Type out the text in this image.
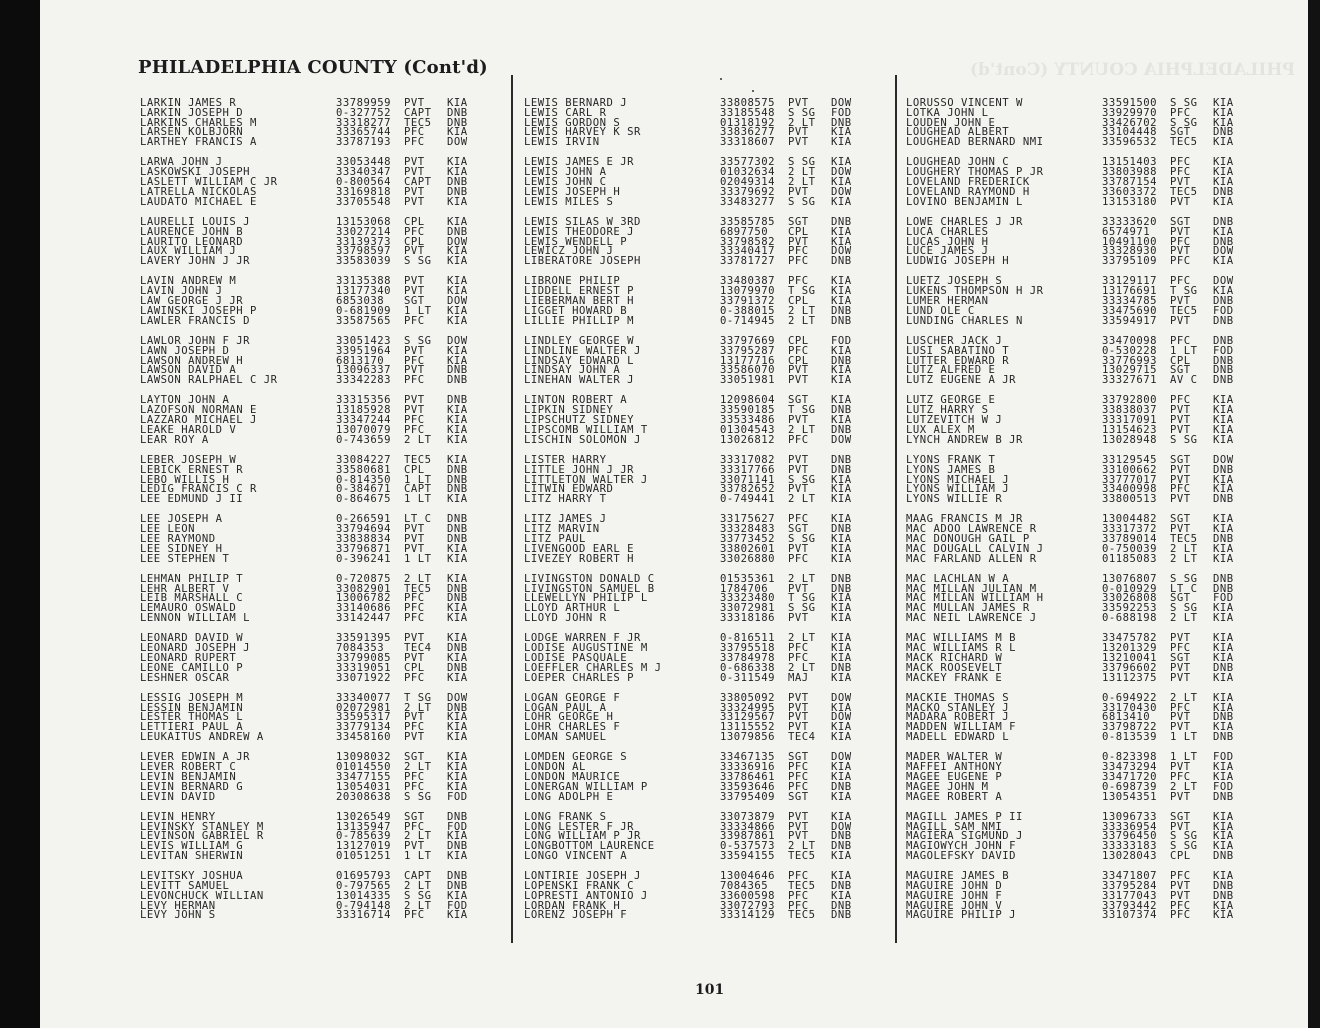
PHILADELPHIA COUNTY (Cont'd)
PHILADELPHIA COUNTY (Cont'd)
LARKIN JAMES R	33789959 PVT KIA
LARKIN JOSEPH D	0-327752 CAPT DNB
LARKINS CHARLES M	33318277 TEC5 DNB
LARSEN KOLBJORN	33365744 PFC KIA
LARTHEY FRANCIS A	33787193 PFC DOW
LARWA JOHN J	33053448 PVT KIA
LASKOWSKI JOSEPH	33340347 PVT KIA
LASLETT WILLIAM C JR	0-800564 CAPT DNB
LATRELLA NICKOLAS	33169818 PVT DNB
LAUDATO MICHAEL E	33705548 PVT KIA
LAURELLI LOUIS J	13153068 CPL KIA
LAURENCE JOHN B	33027214 PFC DNB
LAURITO LEONARD	33139373 CPL DOW
LAUX WILLIAM J	33798597 PVT KIA
LAVERY JOHN J JR	33583039 S SG KIA
LAVIN ANDREW M	33135388 PVT KIA
LAVIN JOHN J	13177340 PVT KIA
LAW GEORGE J JR	6853038 SGT DOW
LAWINSKI JOSEPH P	0-681909 1 LT KIA
LAWLER FRANCIS D	33587565 PFC KIA
LAWLOR JOHN F JR	33051423 S SG DOW
LAWN JOSEPH D	33951964 PVT KIA
LAWSON ANDREW H	6813170 PFC KIA
LAWSON DAVID A	13096337 PVT DNB
LAWSON RALPHAEL C JR	33342283 PFC DNB
LAYTON JOHN A	33315356 PVT DNB
LAZOFSON NORMAN E	13185928 PVT KIA
LAZZARO MICHAEL J	33347244 PFC KIA
LEAKE HAROLD V	13070079 PFC KIA
LEAR ROY A	0-743659 2 LT KIA
LEBER JOSEPH W	33084227 TEC5 KIA
LEBICK ERNEST R	33580681 CPL DNB
LEBO WILLIS H	0-814350 1 LT DNB
LEDIG FRANCIS C R	0-384671 CAPT DNB
LEE EDMUND J II	0-864675 1 LT KIA
LEE JOSEPH A	0-266591 LT C DNB
LEE LEON	33794694 PVT DNB
LEE RAYMOND	33838834 PVT DNB
LEE SIDNEY H	33796871 PVT KIA
LEE STEPHEN T	0-396241 1 LT KIA
LEHMAN PHILIP T	0-720875 2 LT KIA
LEHR ALBERT V	33082901 TEC5 DNB
LEIB MARSHALL C	13006782 PFC DNB
LEMAURO OSWALD	33140686 PFC KIA
LENNON WILLIAM L	33142447 PFC KIA
LEONARD DAVID W	33591395 PVT KIA
LEONARD JOSEPH J	7084353 TEC4 DNB
LEONARD RUPERT	33799085 PVT KIA
LEONE CAMILLO P	33319051 CPL DNB
LESHNER OSCAR	33071922 PFC KIA
LESSIG JOSEPH M	33340077 T SG DOW
LESSIN BENJAMIN	02072981 2 LT DNB
LESTER THOMAS L	33595317 PVT KIA
LETTIERI PAUL A	33779134 PFC KIA
LEUKAITUS ANDREW A	33458160 PVT KIA
LEVER EDWIN A JR	13098032 SGT KIA
LEVER ROBERT C	01014550 2 LT KIA
LEVIN BENJAMIN	33477155 PFC KIA
LEVIN BERNARD G	13054031 PFC KIA
LEVIN DAVID	20308638 S SG FOD
LEVIN HENRY	13026549 SGT DNB
LEVINSKY STANLEY M	13135947 PFC FOD
LEVINSON GABRIEL R	0-785639 2 LT KIA
LEVIS WILLIAM G	13127019 PVT DNB
LEVITAN SHERWIN	01051251 1 LT KIA
LEVITSKY JOSHUA	01695793 CAPT DNB
LEVITT SAMUEL	0-797565 2 LT DNB
LEVONCHUCK WILLIAN	13014335 S SG KIA
LEVY HERMAN	0-794148 2 LT FOD
LEVY JOHN S	33316714 PFC KIA
LEWIS BERNARD J	33808575 PVT DOW
LEWIS CARL R	33185548 S SG FOD
LEWIS GORDON S	01318192 2 LT DNB
LEWIS HARVEY K SR	33836277 PVT KIA
LEWIS IRVIN	33318607 PVT KIA
LEWIS JAMES E JR	33577302 S SG KIA
LEWIS JOHN A	01032634 2 LT DOW
LEWIS JOHN C	02049314 2 LT KIA
LEWIS JOSEPH H	33379692 PVT DOW
LEWIS MILES S	33483277 S SG KIA
LEWIS SILAS W 3RD	33585785 SGT DNB
LEWIS THEODORE J	6897750 CPL KIA
LEWIS WENDELL P	33798582 PVT KIA
LEWICZ JOHN J	33340417 PFC DOW
LIBERATORE JOSEPH	33781727 PFC DNB
LIBRONE PHILIP	33480387 PFC KIA
LIDDELL ERNEST P	13079970 T SG KIA
LIEBERMAN BERT H	33791372 CPL KIA
LIGGET HOWARD B	0-388015 2 LT DNB
LILLIE PHILLIP M	0-714945 2 LT DNB
LINDLEY GEORGE W	33797669 CPL FOD
LINDLINE WALTER J	33795287 PFC KIA
LINDSAY EDWARD L	13177716 CPL DNB
LINDSAY JOHN A	33586070 PVT KIA
LINEHAN WALTER J	33051981 PVT KIA
LINTON ROBERT A	12098604 SGT KIA
LIPKIN SIDNEY	33590185 T SG DNB
LIPSCHUTZ SIDNEY	33533486 PVT KIA
LIPSCOMB WILLIAM T	01304543 2 LT DNB
LISCHIN SOLOMON J	13026812 PFC DOW
LISTER HARRY	33317082 PVT DNB
LITTLE JOHN J JR	33317766 PVT DNB
LITTLETON WALTER J	33071141 S SG KIA
LITWIN EDWARD	33782652 PVT KIA
LITZ HARRY T	0-749441 2 LT KIA
LITZ JAMES J	33175627 PFC KIA
LITZ MARVIN	33328483 SGT DNB
LITZ PAUL	33773452 S SG KIA
LIVENGOOD EARL E	33802601 PVT KIA
LIVEZEY ROBERT H	33026880 PFC KIA
LIVINGSTON DONALD C	01535361 2 LT DNB
LIVINGSTON SAMUEL B	1784706 PVT DNB
LLEWELLYN PHILIP L	33323480 T SG KIA
LLOYD ARTHUR L	33072981 S SG KIA
LLOYD JOHN R	33318186 PVT KIA
LODGE WARREN F JR	0-816511 2 LT KIA
LODISE AUGUSTINE M	33795518 PFC KIA
LODISE PASQUALE	33784978 PFC KIA
LOEFFLER CHARLES M J	0-686338 2 LT DNB
LOEPER CHARLES P	0-311549 MAJ KIA
LOGAN GEORGE F	33805092 PVT DOW
LOGAN PAUL A	33324995 PVT KIA
LOHR GEORGE H	33129567 PVT DOW
LOHR CHARLES F	13115552 PVT KIA
LOMAN SAMUEL	13079856 TEC4 KIA
LOMDEN GEORGE S	33467135 SGT DOW
LONDON AL	33336916 PFC KIA
LONDON MAURICE	33786461 PFC KIA
LONERGAN WILLIAM P	33593646 PFC DNB
LONG ADOLPH E	33795409 SGT KIA
LONG FRANK S	33073879 PVT KIA
LONG LESTER F JR	33334866 PVT DOW
LONG WILLIAM P JR	33987861 PVT DNB
LONGBOTTOM LAURENCE	0-537573 2 LT DNB
LONGO VINCENT A	33594155 TEC5 KIA
LONTIRIE JOSEPH J	13004646 PFC KIA
LOPENSKI FRANK C	7084365 TEC5 DNB
LOPRESTI ANTONIO J	33600598 PFC KIA
LORDAN FRANK H	33072793 PFC DNB
LORENZ JOSEPH F	33314129 TEC5 DNB
LORUSSO VINCENT W	33591500 S SG KIA
LOTKA JOHN L	33929970 PFC KIA
LOUDEN JOHN E	33426702 S SG KIA
LOUGHEAD ALBERT	33104448 SGT DNB
LOUGHEAD BERNARD NMI	33596532 TEC5 KIA
LOUGHEAD JOHN C	13151403 PFC KIA
LOUGHERY THOMAS P JR	33803988 PFC KIA
LOVELAND FREDERICK	33787154 PVT KIA
LOVELAND RAYMOND H	33603372 TEC5 DNB
LOVINO BENJAMIN L	13153180 PVT KIA
LOWE CHARLES J JR	33333620 SGT DNB
LUCA CHARLES	6574971 PVT KIA
LUCAS JOHN H	10491100 PFC DNB
LUCE JAMES J	33328930 PVT DOW
LUDWIG JOSEPH H	33795109 PFC KIA
LUETZ JOSEPH S	33129117 PFC DOW
LUKENS THOMPSON H JR	13176691 T SG KIA
LUMER HERMAN	33334785 PVT DNB
LUND OLE C	33475690 TEC5 FOD
LUNDING CHARLES N	33594917 PVT DNB
LUSCHER JACK J	33470098 PFC DNB
LUSI SABATINO T	0-530228 1 LT FOD
LUTTER EDWARD R	33776993 CPL DNB
LUTZ ALFRED E	13029715 SGT DNB
LUTZ EUGENE A JR	33327671 AV C DNB
LUTZ GEORGE E	33792800 PFC KIA
LUTZ HARRY S	33838037 PVT KIA
LUTZEVITCH W J	33317091 PVT KIA
LUX ALEX M	13154623 PVT KIA
LYNCH ANDREW B JR	13028948 S SG KIA
LYONS FRANK T	33129545 SGT DOW
LYONS JAMES B	33100662 PVT DNB
LYONS MICHAEL J	33777017 PVT KIA
LYONS WILLIAM J	33400998 PFC KIA
LYONS WILLIE R	33800513 PVT DNB
MAAG FRANCIS M JR	13004482 SGT KIA
MAC ADOO LAWRENCE R	33317372 PVT KIA
MAC DONOUGH GAIL P	33789014 TEC5 DNB
MAC DOUGALL CALVIN J	0-750039 2 LT KIA
MAC FARLAND ALLEN R	01185083 2 LT KIA
MAC LACHLAN W A	13076807 S SG DNB
MAC MILLAN JULIAN M	0-010929 LT C DNB
MAC MILLAN WILLIAM H	33026808 SGT FOD
MAC MULLAN JAMES R	33592253 S SG KIA
MAC NEIL LAWRENCE J	0-688198 2 LT KIA
MAC WILLIAMS M B	33475782 PVT KIA
MAC WILLIAMS R L	13201329 PFC KIA
MACK RICHARD W	13210041 SGT KIA
MACK ROOSEVELT	33796602 PVT DNB
MACKEY FRANK E	13112375 PVT KIA
MACKIE THOMAS S	0-694922 2 LT KIA
MACKO STANLEY J	33170430 PFC KIA
MADARA ROBERT J	6813410 PVT DNB
MADDEN WILLIAM F	33798722 PVT KIA
MADELL EDWARD L	0-813539 1 LT DNB
MADER WALTER W	0-823398 1 LT FOD
MAFFEI ANTHONY	33473294 PVT KIA
MAGEE EUGENE P	33471720 PFC KIA
MAGEE JOHN M	0-698739 2 LT FOD
MAGEE ROBERT A	13054351 PVT DNB
MAGILL JAMES P II	13096733 SGT KIA
MAGILL SAM NMI	33336954 PVT KIA
MAGIERA SIGMUND J	33796450 S SG KIA
MAGIOWYCH JOHN F	33333183 S SG KIA
MAGOLEFSKY DAVID	13028043 CPL DNB
MAGUIRE JAMES B	33471807 PFC KIA
MAGUIRE JOHN D	33795284 PVT DNB
MAGUIRE JOHN F	33177043 PVT DNB
MAGUIRE JOHN V	33793442 PFC KIA
MAGUIRE PHILIP J	33107374 PFC KIA
101
